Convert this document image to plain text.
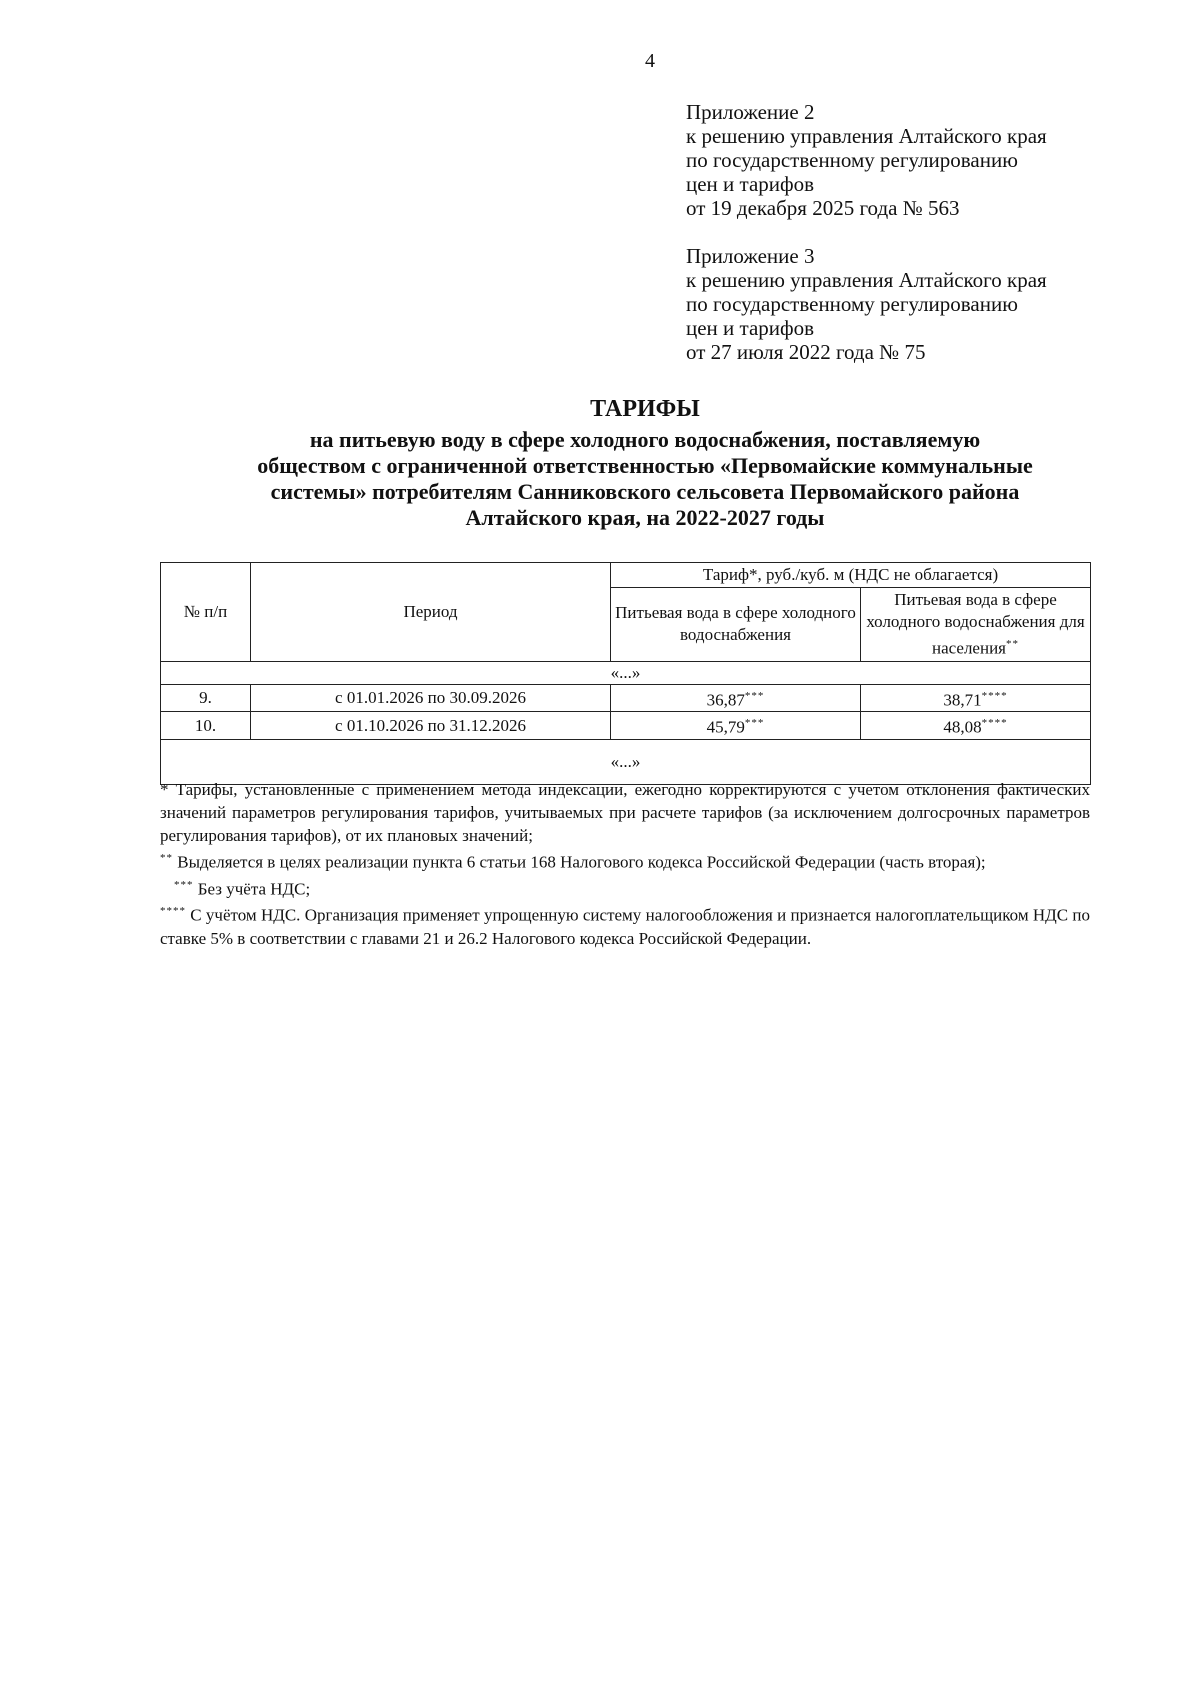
4
Приложение 2
к решению управления Алтайского края
по государственному регулированию
цен и тарифов
от 19 декабря 2025 года № 563
Приложение 3
к решению управления Алтайского края
по государственному регулированию
цен и тарифов
от 27 июля 2022 года № 75
ТАРИФЫ
на питьевую воду в сфере холодного водоснабжения, поставляемую
обществом с ограниченной ответственностью «Первомайские коммунальные
системы» потребителям Санниковского сельсовета Первомайского района
Алтайского края, на 2022-2027 годы
№ п/п	Период	Тариф*, руб./куб. м (НДС не облагается)	
		Питьевая вода в сфере холодного водоснабжения	Питьевая вода в сфере холодного водоснабжения для населения**
«...»			
9.	с 01.01.2026 по 30.09.2026	36,87***	38,71****
10.	с 01.10.2026 по 31.12.2026	45,79***	48,08****
«...»			

* Тарифы, установленные с применением метода индексации, ежегодно корректируются с учетом отклонения фактических значений параметров регулирования тарифов, учитываемых при расчете тарифов (за исключением долгосрочных параметров регулирования тарифов), от их плановых значений;

** Выделяется в целях реализации пункта 6 статьи 168 Налогового кодекса Российской Федерации (часть вторая);

*** Без учёта НДС;

**** С учётом НДС. Организация применяет упрощенную систему налогообложения и признается налогоплательщиком НДС по ставке 5% в соответствии с главами 21 и 26.2 Налогового кодекса Российской Федерации.
